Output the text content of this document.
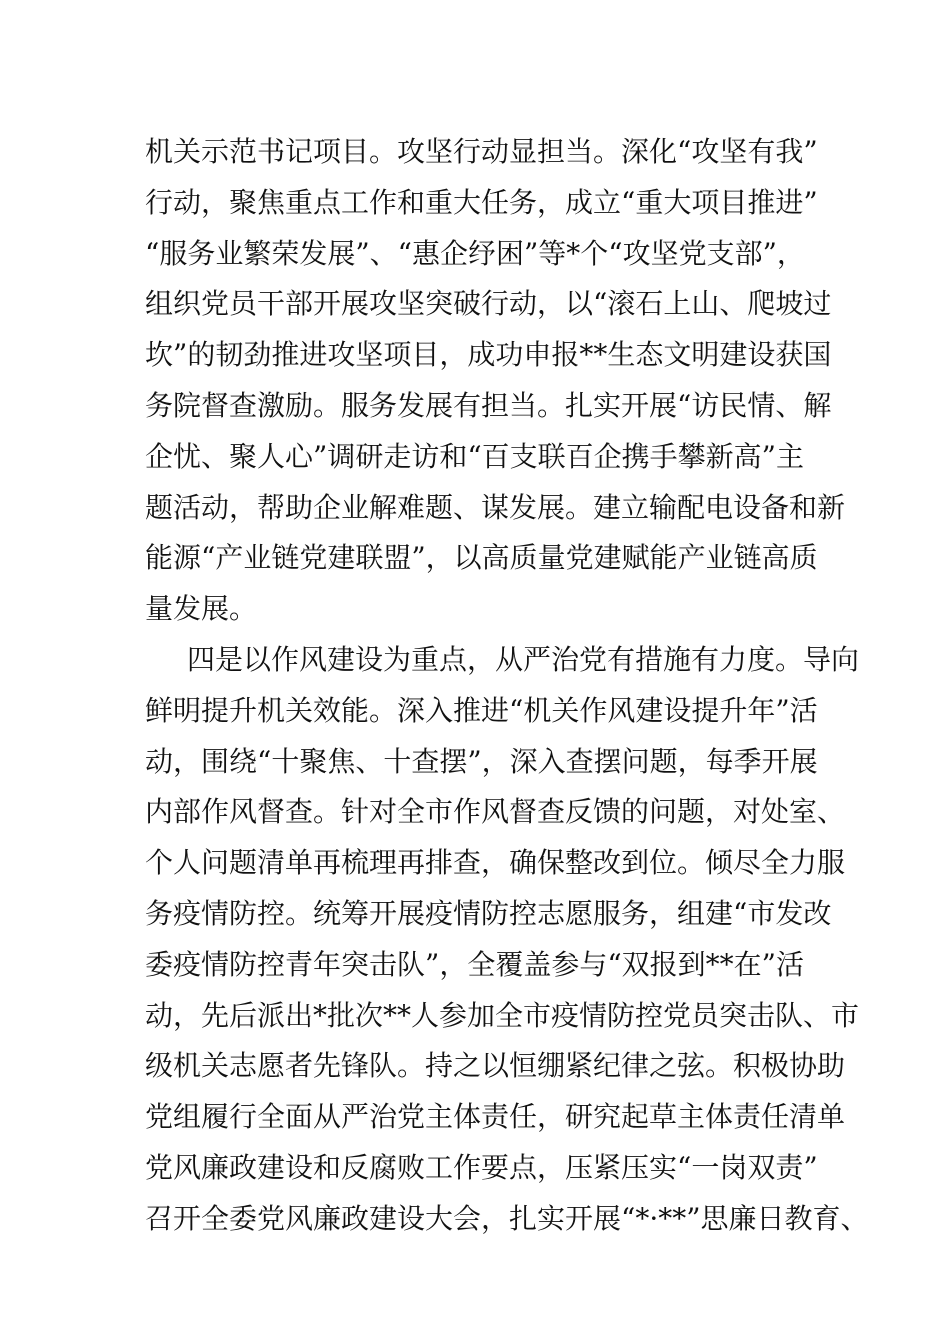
机关示范书记项目。攻坚行动显担当。深化“攻坚有我”
行动，聚焦重点工作和重大任务，成立“重大项目推进”
“服务业繁荣发展”、“惠企纾困”等*个“攻坚党支部”，
组织党员干部开展攻坚突破行动，以“滚石上山、爬坡过
坎”的韧劲推进攻坚项目，成功申报**生态文明建设获国
务院督查激励。服务发展有担当。扎实开展“访民情、解
企忧、聚人心”调研走访和“百支联百企携手攀新高”主
题活动，帮助企业解难题、谋发展。建立输配电设备和新
能源“产业链党建联盟”，以高质量党建赋能产业链高质
量发展。
四是以作风建设为重点，从严治党有措施有力度。导向
鲜明提升机关效能。深入推进“机关作风建设提升年”活
动，围绕“十聚焦、十查摆”，深入查摆问题，每季开展
内部作风督查。针对全市作风督查反馈的问题，对处室、
个人问题清单再梳理再排查，确保整改到位。倾尽全力服
务疫情防控。统筹开展疫情防控志愿服务，组建“市发改
委疫情防控青年突击队”，全覆盖参与“双报到**在”活
动，先后派出*批次**人参加全市疫情防控党员突击队、市
级机关志愿者先锋队。持之以恒绷紧纪律之弦。积极协助
党组履行全面从严治党主体责任，研究起草主体责任清单
党风廉政建设和反腐败工作要点，压紧压实“一岗双责”
召开全委党风廉政建设大会，扎实开展“*·**”思廉日教育、
